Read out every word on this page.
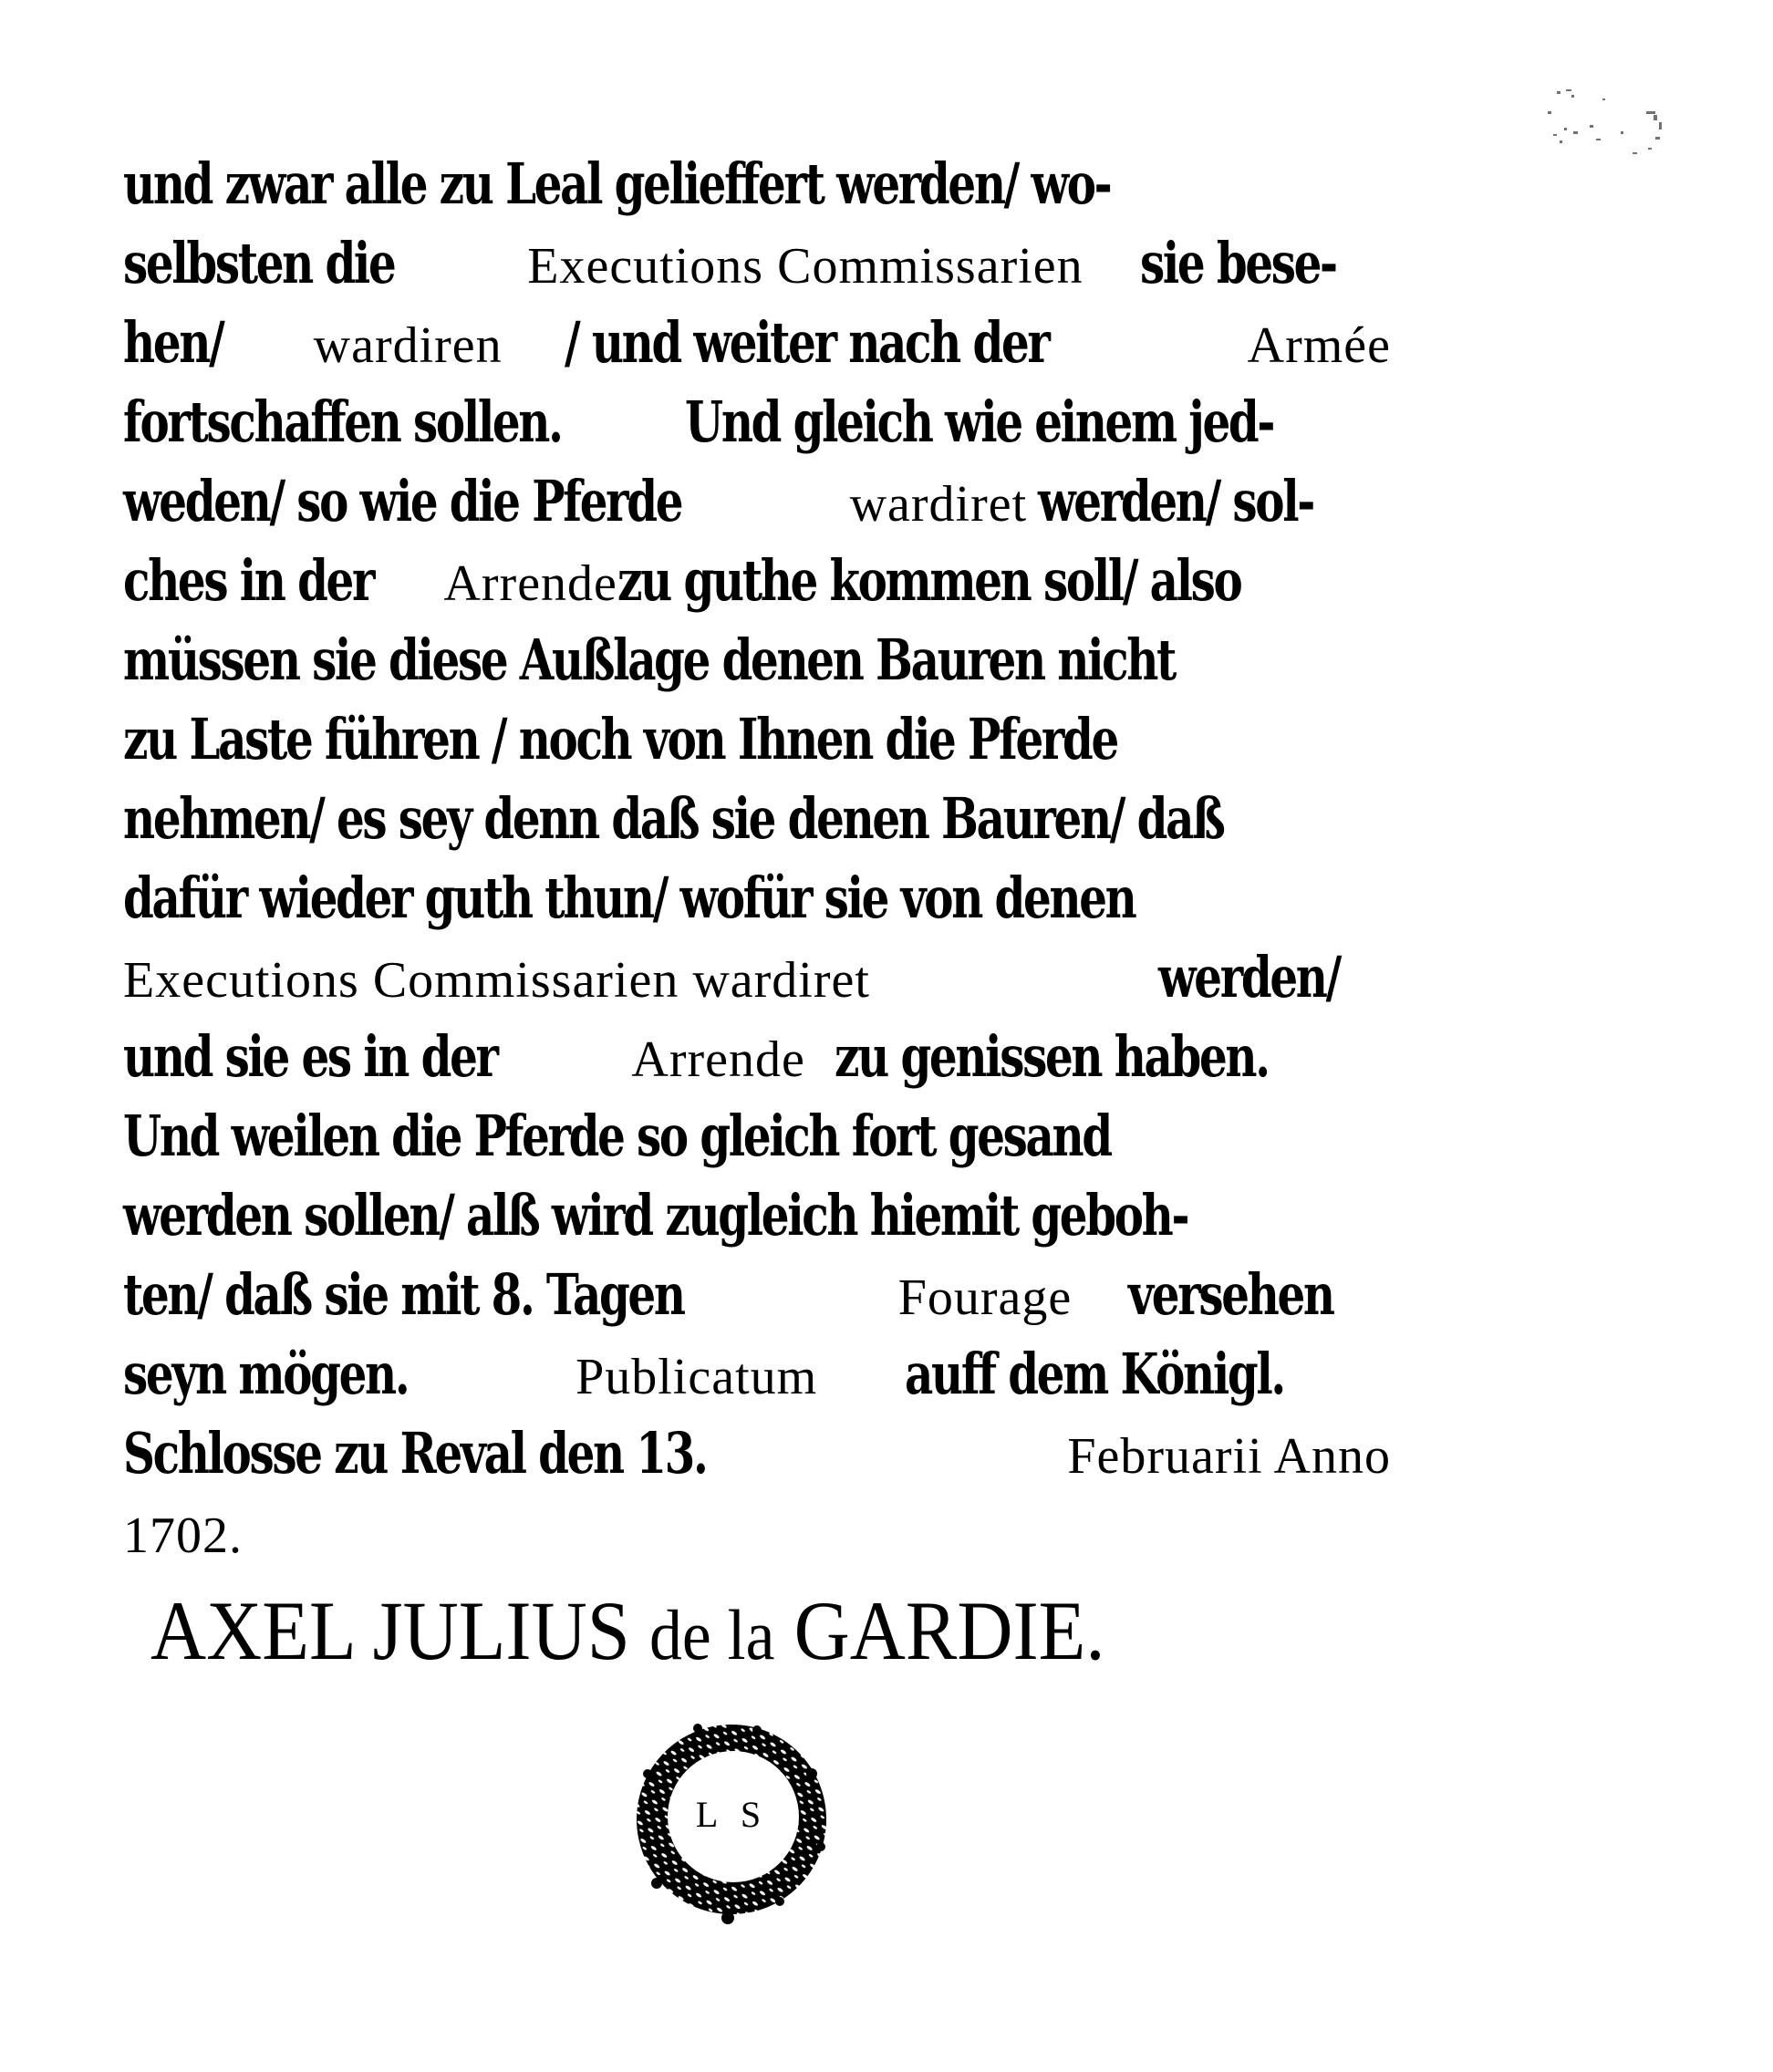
und zwar alle zu Leal gelieffert werden/ wo-
selbsten die	Executions Commissarien sie bese-
hen/ wardiren / und weiter nach der	Armée
fortschaffen sollen. Und gleich wie einem jed-
weden/ so wie die Pferde	wardiret werden/ sol-
ches in der Arrende zu guthe kommen soll/ also
müssen sie diese Außlage denen Bauren nicht
zu Laste führen / noch von Ihnen die Pferde
nehmen/ es sey denn daß sie denen Bauren/ daß
dafür wieder guth thun/ wofür sie von denen
Executions Commissarien wardiret	werden/
und sie es in der	Arrende zu genissen haben.
Und weilen die Pferde so gleich fort gesand
werden sollen/ alß wird zugleich hiemit geboh-
ten/ daß sie mit 8. Tagen	Fourage versehen
seyn mögen.	Publicatum auff dem Königl.
Schlosse zu Reval den 13.	Februarii Anno
1702.
AXEL JULIUS de la GARDIE.
L S
